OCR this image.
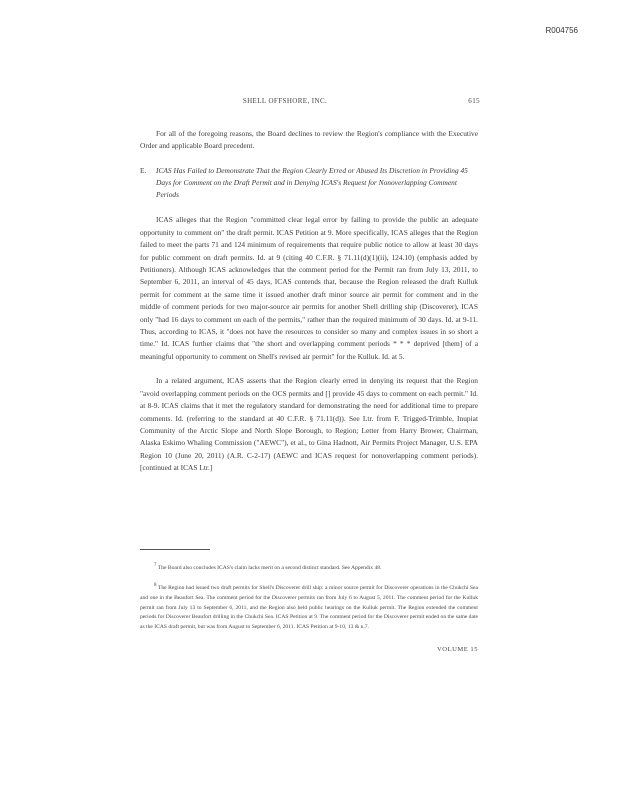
R004756
SHELL OFFSHORE, INC.	615

For all of the foregoing reasons, the Board declines to review the Region's compliance with the Executive Order and applicable Board precedent.

E. ICAS Has Failed to Demonstrate That the Region Clearly Erred or Abused Its Discretion in Providing 45 Days for Comment on the Draft Permit and in Denying ICAS's Request for Nonoverlapping Comment Periods

ICAS alleges that the Region "committed clear legal error by failing to provide the public an adequate opportunity to comment on" the draft permit. ICAS Petition at 9. More specifically, ICAS alleges that the Region failed to meet the parts 71 and 124 minimum of requirements that require public notice to allow at least 30 days for public comment on draft permits. Id. at 9 (citing 40 C.F.R. § 71.11(d)(1)(ii), 124.10) (emphasis added by Petitioners). Although ICAS acknowledges that the comment period for the Permit ran from July 13, 2011, to September 6, 2011, an interval of 45 days, ICAS contends that, because the Region released the draft Kulluk permit for comment at the same time it issued another draft minor source air permit for comment and in the middle of comment periods for two major-source air permits for another Shell drilling ship (Discoverer), ICAS only "had 16 days to comment on each of the permits," rather than the required minimum of 30 days. Id. at 9-11. Thus, according to ICAS, it "does not have the resources to consider so many and complex issues in so short a time." Id. ICAS further claims that "the short and overlapping comment periods * * * deprived [them] of a meaningful opportunity to comment on Shell's revised air permit" for the Kulluk. Id. at 5.

In a related argument, ICAS asserts that the Region clearly erred in denying its request that the Region "avoid overlapping comment periods on the OCS permits and [] provide 45 days to comment on each permit." Id. at 8-9. ICAS claims that it met the regulatory standard for demonstrating the need for additional time to prepare comments. Id. (referring to the standard at 40 C.F.R. § 71.11(d)). See Ltr. from F. Trigged-Trimble, Inupiat Community of the Arctic Slope and North Slope Borough, to Region; Letter from Harry Brower, Chairman, Alaska Eskimo Whaling Commission ("AEWC"), et al., to Gina Hadnott, Air Permits Project Manager, U.S. EPA Region 10 (June 20, 2011) (A.R. C-2-17) (AEWC and ICAS request for nonoverlapping comment periods). [continued at ICAS Ltr.]

$^7$ The Board also concludes ICAS's claim lacks merit on a second distinct standard. See Appendix 48.

$^8$ The Region had issued two draft permits for Shell's Discoverer drill ship: a minor source permit for Discoverer operations in the Chukchi Sea and one in the Beaufort Sea. The comment period for the Discoverer permits ran from July 6 to August 5, 2011. The comment period for the Kulluk permit ran from July 13 to September 6, 2011, and the Region also held public hearings on the Kulluk permit. The Region extended the comment periods for Discoverer Beaufort drilling in the Chukchi Sea. ICAS Petition at 9. The comment period for the Discoverer permit ended on the same date as the ICAS draft permit, but was from August to September 6, 2011. ICAS Petition at 9-10, 13 & n.7.

VOLUME 15
